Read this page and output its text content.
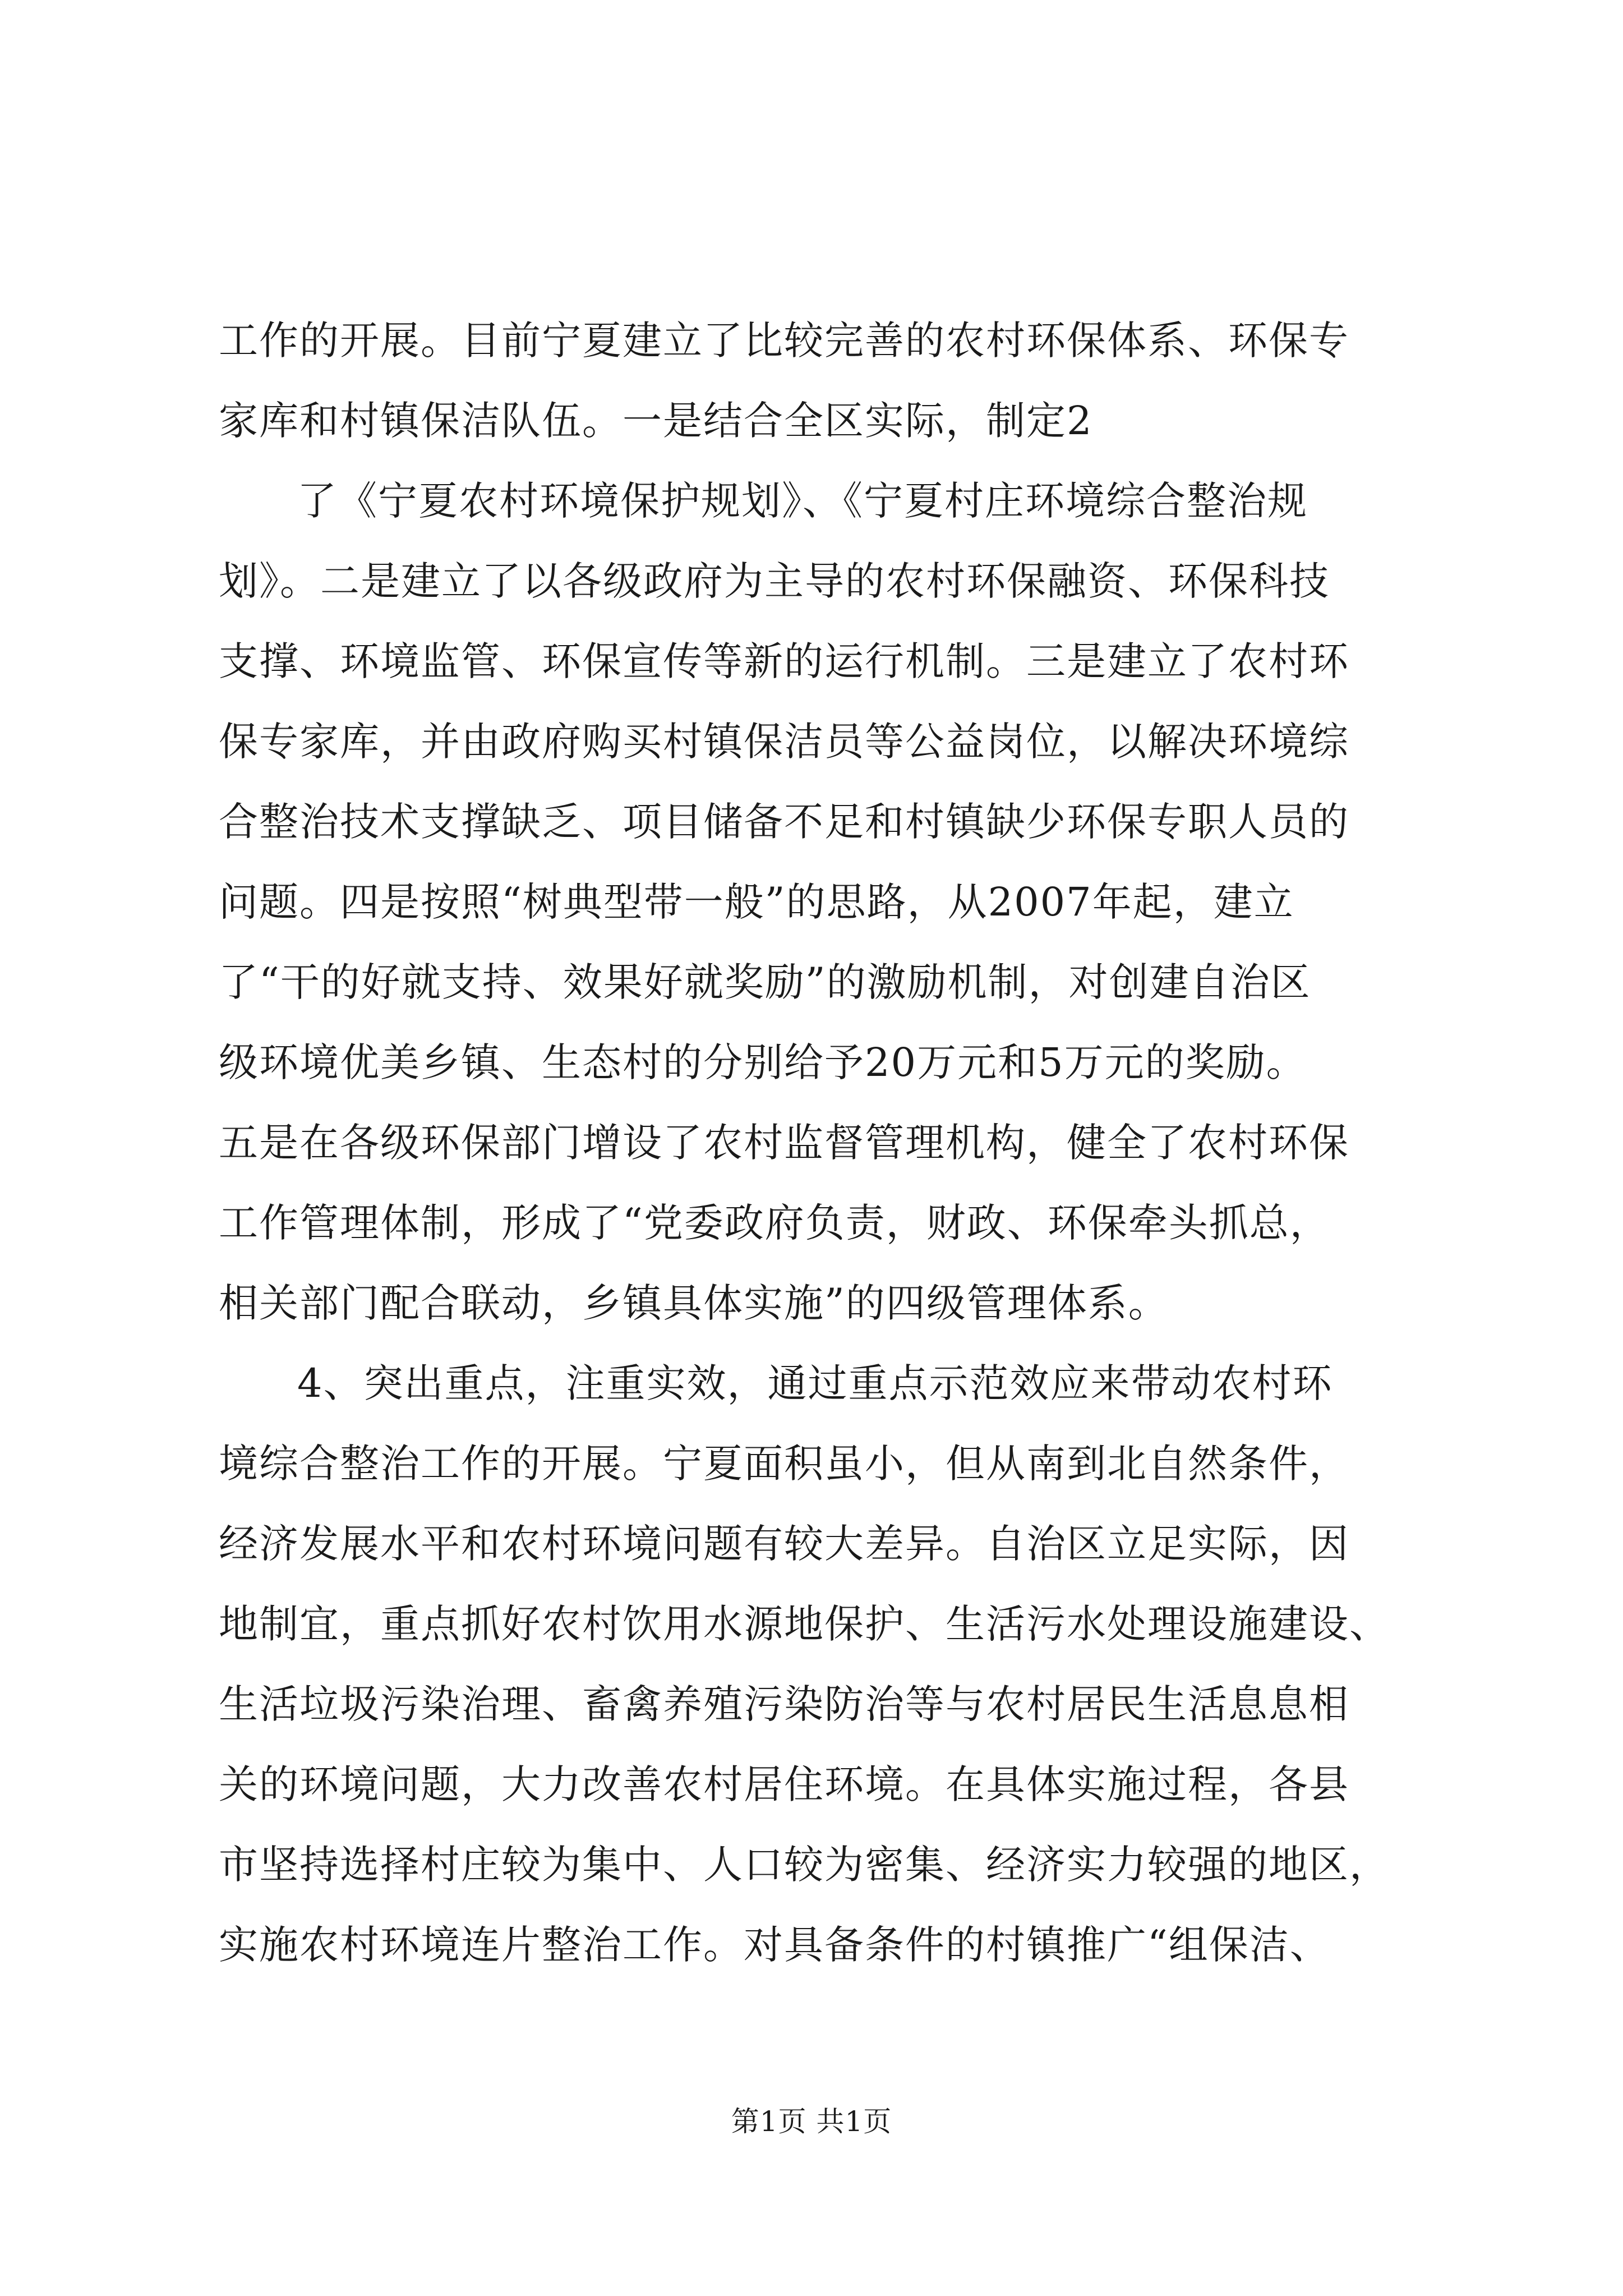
工作的开展。目前宁夏建立了比较完善的农村环保体系、环保专
家库和村镇保洁队伍。一是结合全区实际，制定2
了《宁夏农村环境保护规划》、《宁夏村庄环境综合整治规
划》。二是建立了以各级政府为主导的农村环保融资、环保科技
支撑、环境监管、环保宣传等新的运行机制。三是建立了农村环
保专家库，并由政府购买村镇保洁员等公益岗位，以解决环境综
合整治技术支撑缺乏、项目储备不足和村镇缺少环保专职人员的
问题。四是按照“树典型带一般”的思路，从2007年起，建立
了“干的好就支持、效果好就奖励”的激励机制，对创建自治区
级环境优美乡镇、生态村的分别给予20万元和5万元的奖励。
五是在各级环保部门增设了农村监督管理机构，健全了农村环保
工作管理体制，形成了“党委政府负责，财政、环保牵头抓总，
相关部门配合联动，乡镇具体实施”的四级管理体系。
4、突出重点，注重实效，通过重点示范效应来带动农村环
境综合整治工作的开展。宁夏面积虽小，但从南到北自然条件，
经济发展水平和农村环境问题有较大差异。自治区立足实际，因
地制宜，重点抓好农村饮用水源地保护、生活污水处理设施建设、
生活垃圾污染治理、畜禽养殖污染防治等与农村居民生活息息相
关的环境问题，大力改善农村居住环境。在具体实施过程，各县
市坚持选择村庄较为集中、人口较为密集、经济实力较强的地区，
实施农村环境连片整治工作。对具备条件的村镇推广“组保洁、
第1页 共1页
